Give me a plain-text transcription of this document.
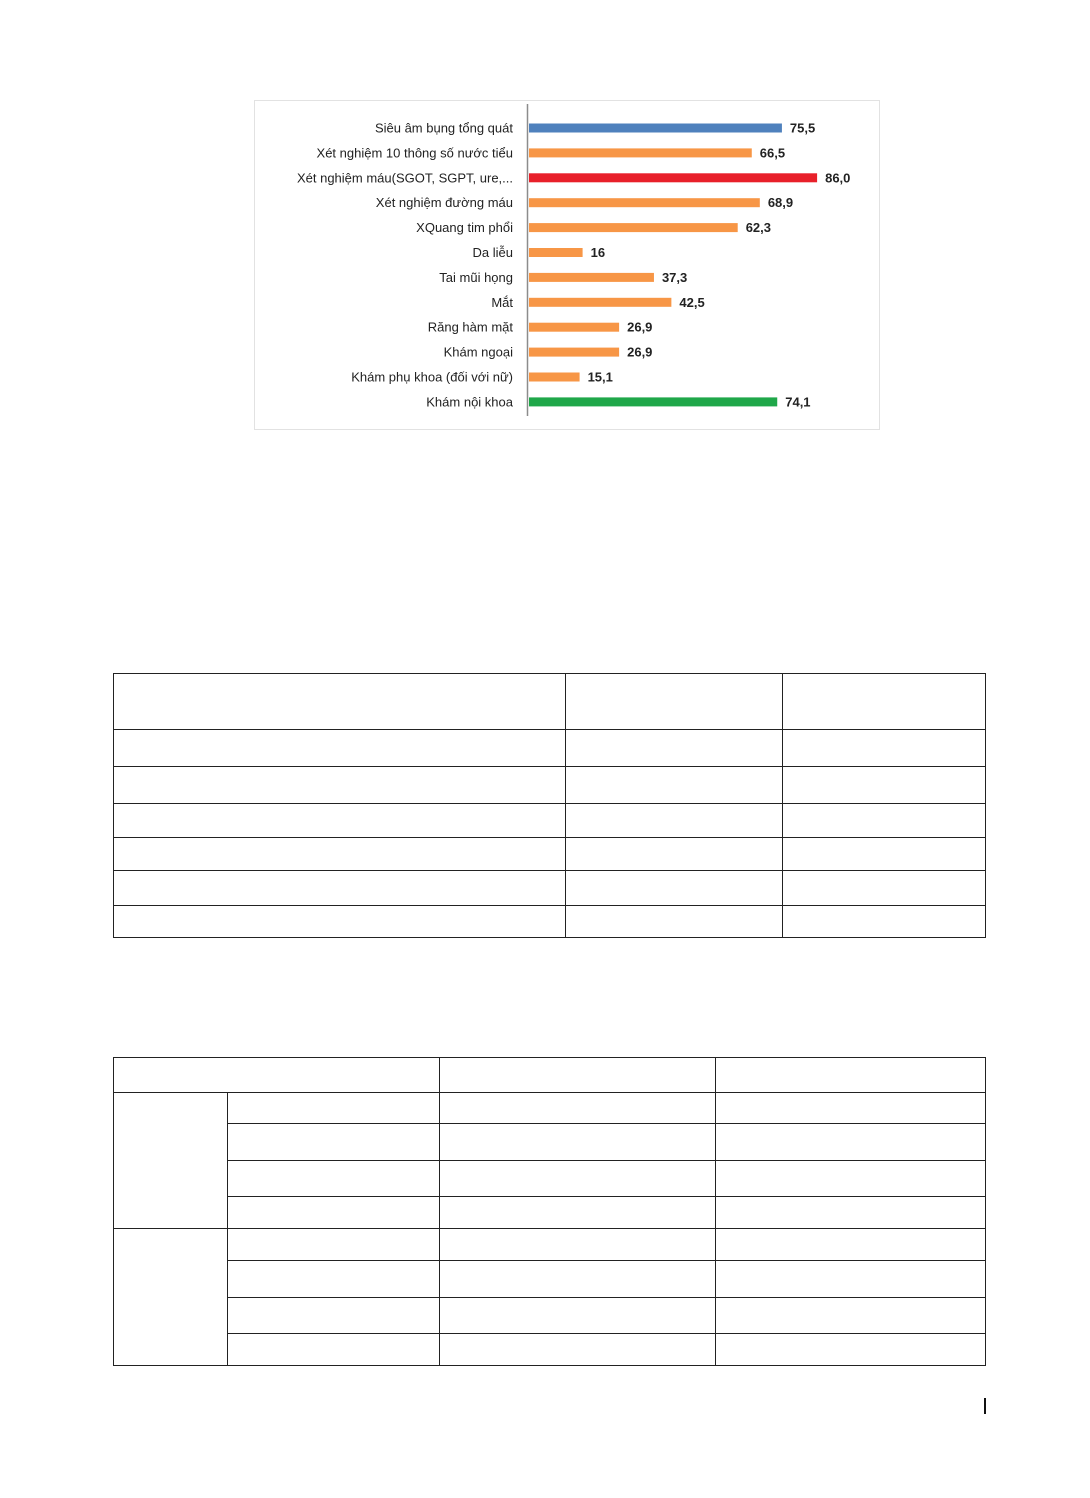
Siêu âm bụng tổng quát	75,5
Xét nghiệm 10 thông số nước tiểu	66,5
Xét nghiệm máu(SGOT, SGPT, ure,...	86,0
Xét nghiệm đường máu	68,9
XQuang tim phổi	62,3
Da liễu	16
Tai mũi họng	37,3
Mắt	42,5
Răng hàm mặt	26,9
Khám ngoại	26,9
Khám phụ khoa (đối với nữ)	15,1
Khám nội khoa	74,1
